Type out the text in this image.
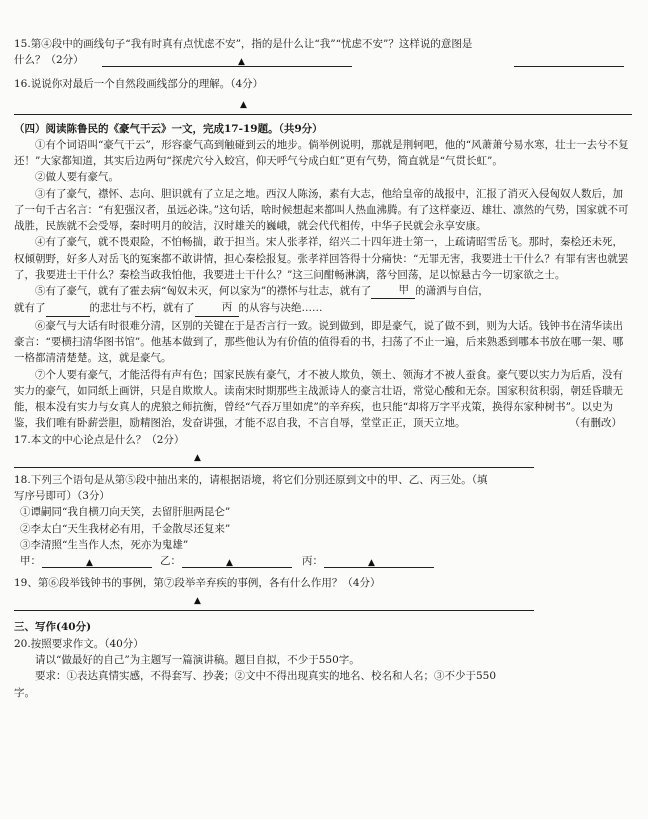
15.第④段中的画线句子“我有时真有点忧虑不安”，指的是什么让“我”“忧虑不安”？这样说的意图是

什么？（2分）	▲

16.说说你对最后一个自然段画线部分的理解。（4分）

▲

（四）阅读陈鲁民的《豪气干云》一文，完成17-19题。（共9分）

①有个词语叫“豪气干云”，形容豪气高到触碰到云的地步。倘举例说明，那就是荆轲吧，他的“风萧萧兮易水寒，壮士一去兮不复还！”大家都知道，其实后边两句“探虎穴兮入蛟宫，仰天呼气兮成白虹”更有气势，简直就是“气贯长虹”。

②做人要有豪气。

③有了豪气，襟怀、志向、胆识就有了立足之地。西汉人陈汤，素有大志，他给皇帝的战报中，汇报了消灭入侵匈奴人数后，加了一句千古名言：“有犯强汉者，虽远必诛。”这句话，啥时候想起来都叫人热血沸腾。有了这样豪迈、雄壮、凛然的气势，国家就不可战胜，民族就不会受辱，秦时明月的皎洁，汉时雄关的巍峨，就会代代相传，中华子民就会永享安康。

④有了豪气，就不畏艰险，不怕畅揣，敢于担当。宋人张孝祥，绍兴二十四年进士第一，上疏请昭雪岳飞。那时，秦桧还未死，权倾朝野，好多人对岳飞的冤案都不敢讲情，担心秦桧报复。张孝祥回答得十分痛快：“无罪无害，我要进士干什么？有罪有害也就罢了，我要进士干什么？秦桧当政我怕他，我要进士干什么？”这三问酣畅淋漓，落兮回荡，足以惊悬古今一切家欲之士。

⑤有了豪气，就有了霍去病“匈奴未灭，何以家为”的襟怀与壮志，就有了	甲 的潇洒与自信，
就有了	的悲壮与不朽，就有了	丙 的从容与决绝……

⑥豪气与大话有时很难分清，区别的关键在于是否言行一致。说到做到，即是豪气，说了做不到，则为大话。钱钟书在清华读出豪言：“要横扫清华图书馆”。他基本做到了，那些他认为有价值的值得看的书，扫荡了不止一遍，后来熟悉到哪本书放在哪一架、哪一格都清清楚楚。这，就是豪气。

⑦个人要有豪气，才能活得有声有色；国家民族有豪气，才不被人欺负，领土、领海才不被人蚕食。豪气要以实力为后盾，没有实力的豪气，如同纸上画饼，只是自欺欺人。读南宋时期那些主战派诗人的豪言壮语，常觉心酸和无奈。国家积贫积弱，朝廷昏聩无能，根本没有实力与女真人的虎狼之师抗衡，曾经“气吞万里如虎”的辛弃疾，也只能“却将万字平戎策，换得东家种树书”。以史为鉴，我们唯有卧薪尝胆，励精图治，发奋讲强，才能不忍自我，不言自辱，堂堂正正，顶天立地。	（有删改）

17.本文的中心论点是什么？（2分）

▲

18.下列三个语句是从第⑤段中抽出来的，请根据语境，将它们分别还原到文中的甲、乙、丙三处。（填

写序号即可）（3分）

①谭嗣同“我自横刀向天笑，去留肝胆两昆仑”

②李太白“天生我材必有用，千金散尽还复来”

③李清照“生当作人杰，死亦为鬼雄”

甲：	▲	乙：	▲	丙：	▲

19、第⑥段举钱钟书的事例，第⑦段举辛弃疾的事例，各有什么作用？（4分）

▲

三、写作(40分)

20.按照要求作文。（40分）

请以“做最好的自己”为主题写一篇演讲稿。题目自拟，不少于550字。

要求：①表达真情实感，不得套写、抄袭；②文中不得出现真实的地名、校名和人名；③不少于550

字。
